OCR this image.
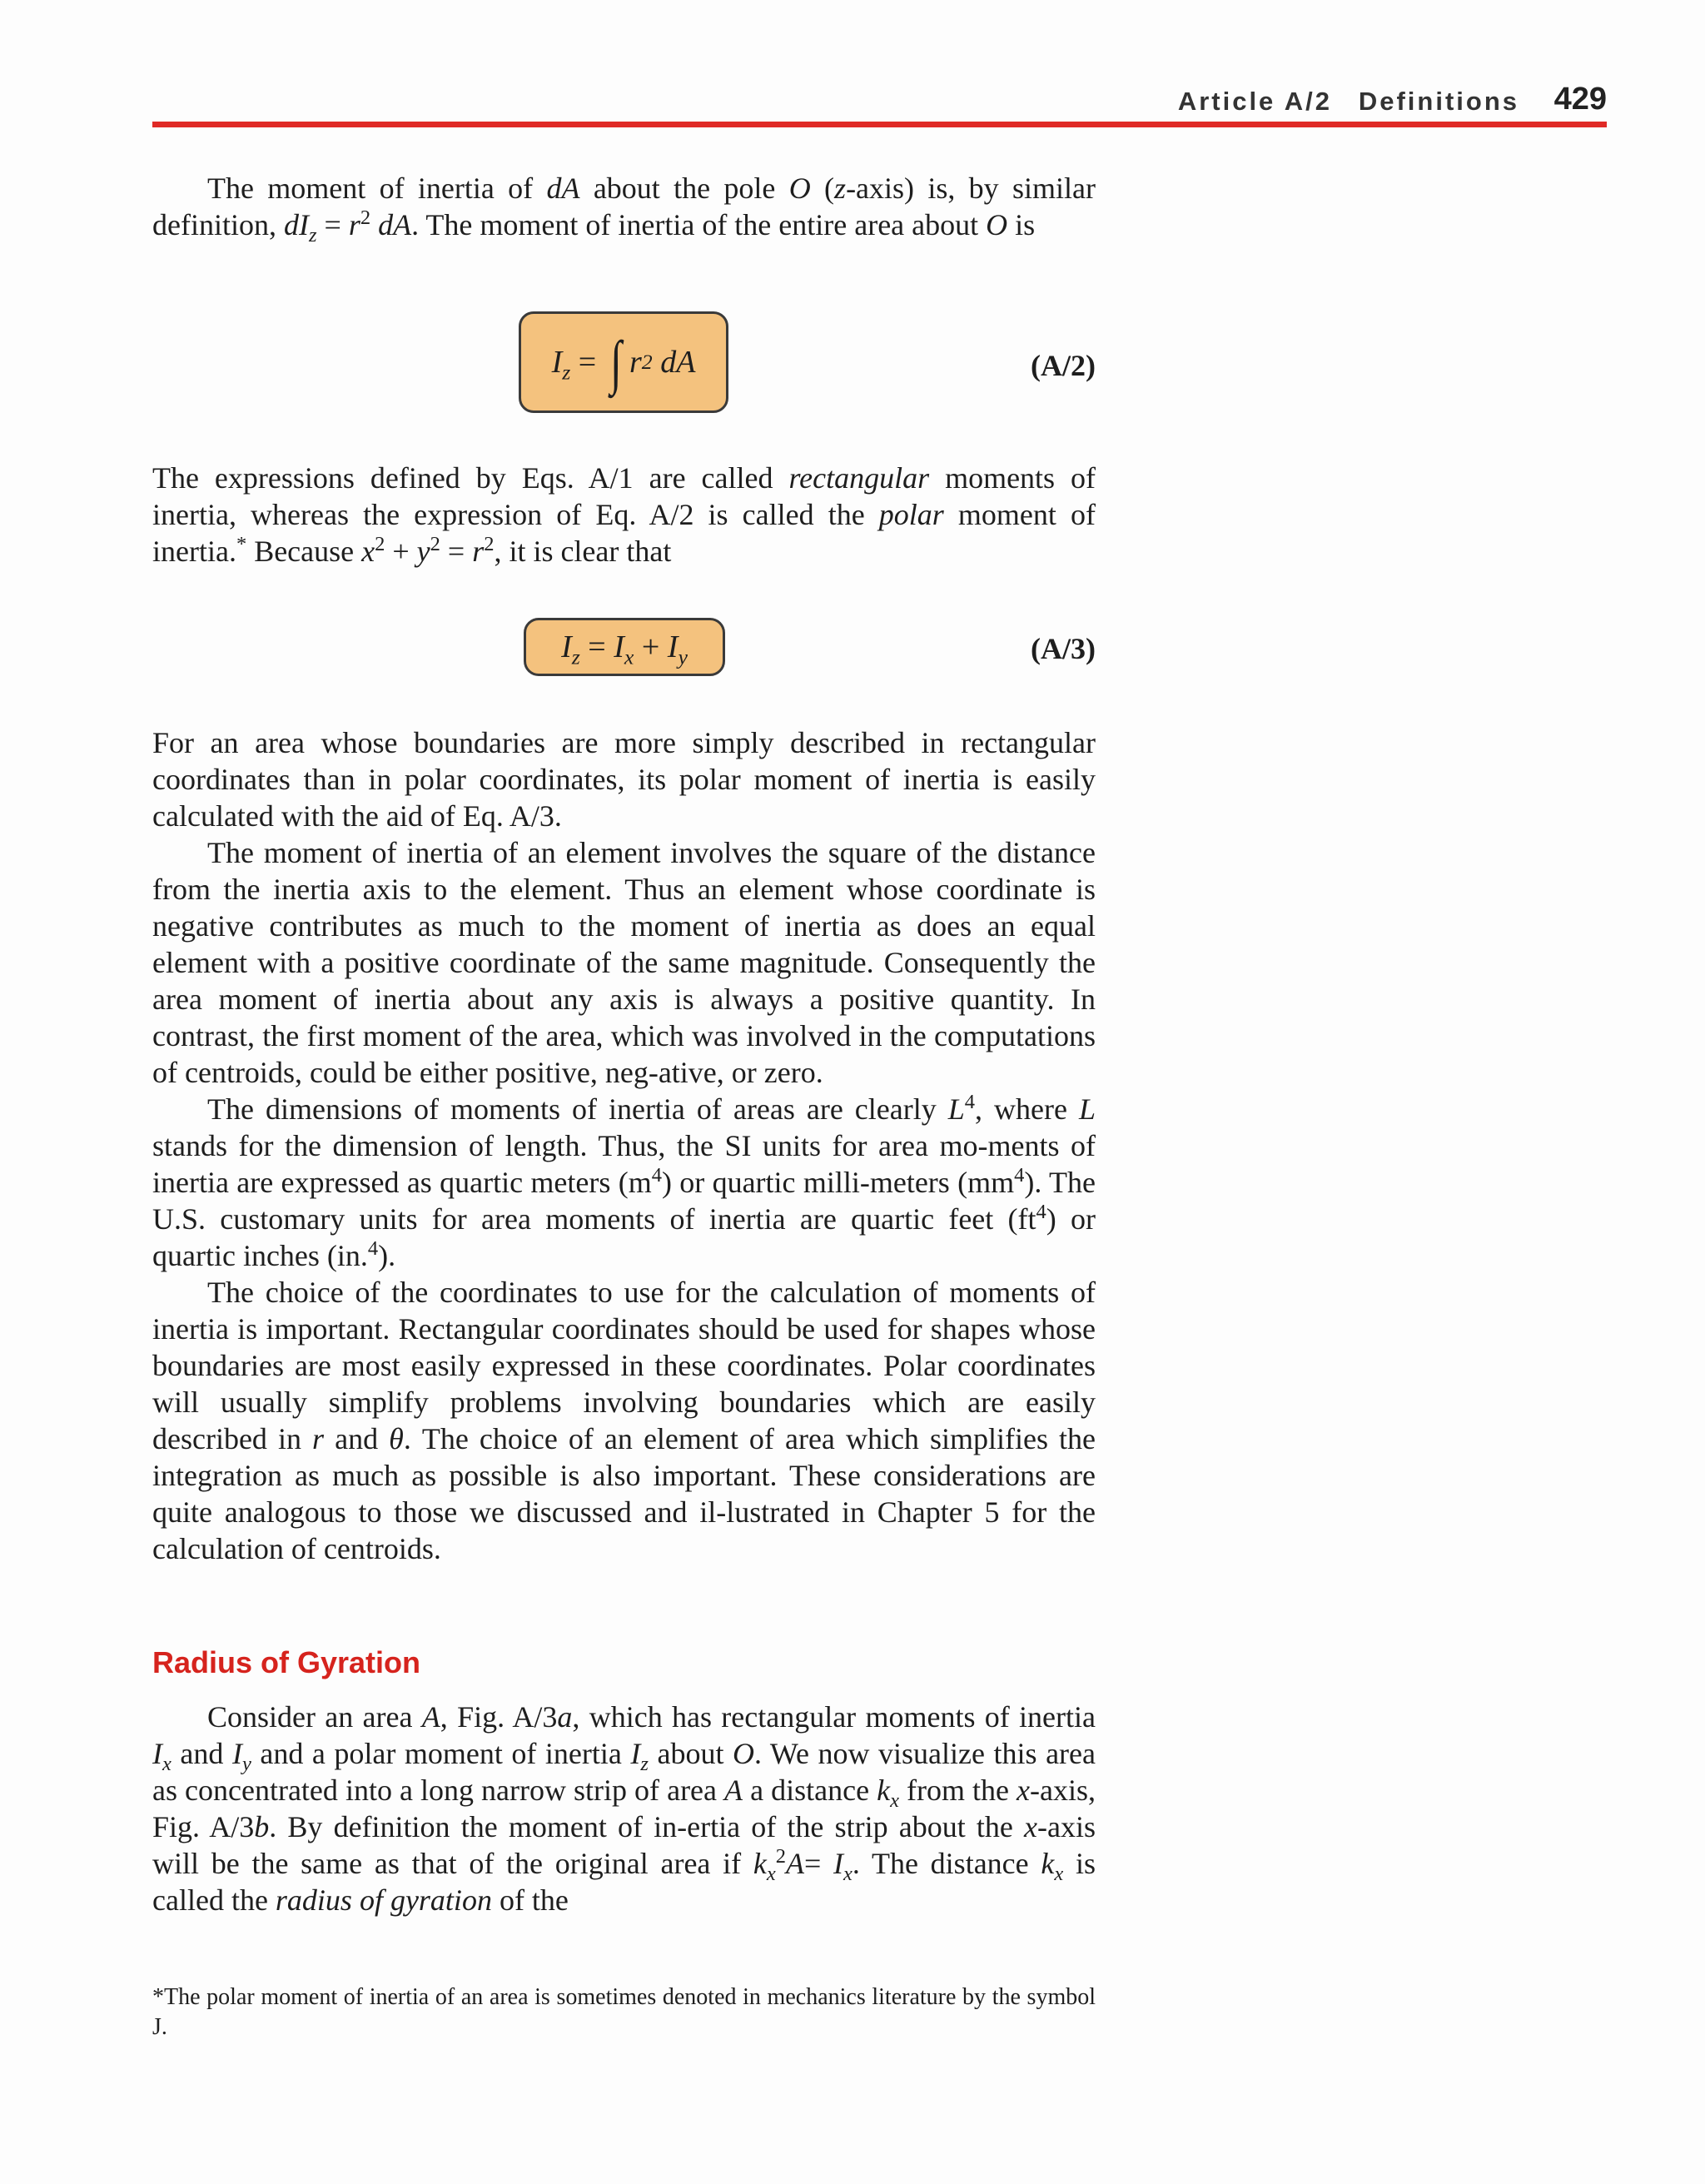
Article A/2 Definitions 429

The moment of inertia of dA about the pole O (z-axis) is, by similar definition, $dI_z = r^2$ dA. The moment of inertia of the entire area about O is

$I_z$
= ∫ r 2
dA	(A/2)

The expressions defined by Eqs. A/1 are called rectangular moments of inertia, whereas the expression of Eq. A/2 is called the polar moment of inertia.* Because $x^2 + y^2 = r^2$, it is clear that

$I_z$
=
$I_x$
+
$I_y$	(A/3)

For an area whose boundaries are more simply described in rectangular coordinates than in polar coordinates, its polar moment of inertia is easily calculated with the aid of Eq. A/3.

The moment of inertia of an element involves the square of the distance from the inertia axis to the element. Thus an element whose coordinate is negative contributes as much to the moment of inertia as does an equal element with a positive coordinate of the same magnitude. Consequently the area moment of inertia about any axis is always a positive quantity. In contrast, the first moment of the area, which was involved in the computations of centroids, could be either positive, neg-ative, or zero.

The dimensions of moments of inertia of areas are clearly $L^4$, where L stands for the dimension of length. Thus, the SI units for area mo-ments of inertia are expressed as quartic meters $(m^4)$ or quartic milli-meters $(mm^4)$. The U.S. customary units for area moments of inertia are quartic feet $(ft^4)$ or quartic inches (in.$^4$).

The choice of the coordinates to use for the calculation of moments of inertia is important. Rectangular coordinates should be used for shapes whose boundaries are most easily expressed in these coordinates. Polar coordinates will usually simplify problems involving boundaries which are easily described in r and θ. The choice of an element of area which simplifies the integration as much as possible is also important. These considerations are quite analogous to those we discussed and il-lustrated in Chapter 5 for the calculation of centroids.

Radius of Gyration

Consider an area A, Fig. A/3a, which has rectangular moments of inertia $I_x$ and $I_y$ and a polar moment of inertia $I_z$ about O. We now visualize this area as concentrated into a long narrow strip of area A a distance $k_x$ from the x-axis, Fig. A/3b. By definition the moment of in-ertia of the strip about the x-axis will be the same as that of the original area if $k_x^2A= I_x$. The distance $k_x$ is called the radius of gyration of the

*The polar moment of inertia of an area is sometimes denoted in mechanics literature by the symbol J.
